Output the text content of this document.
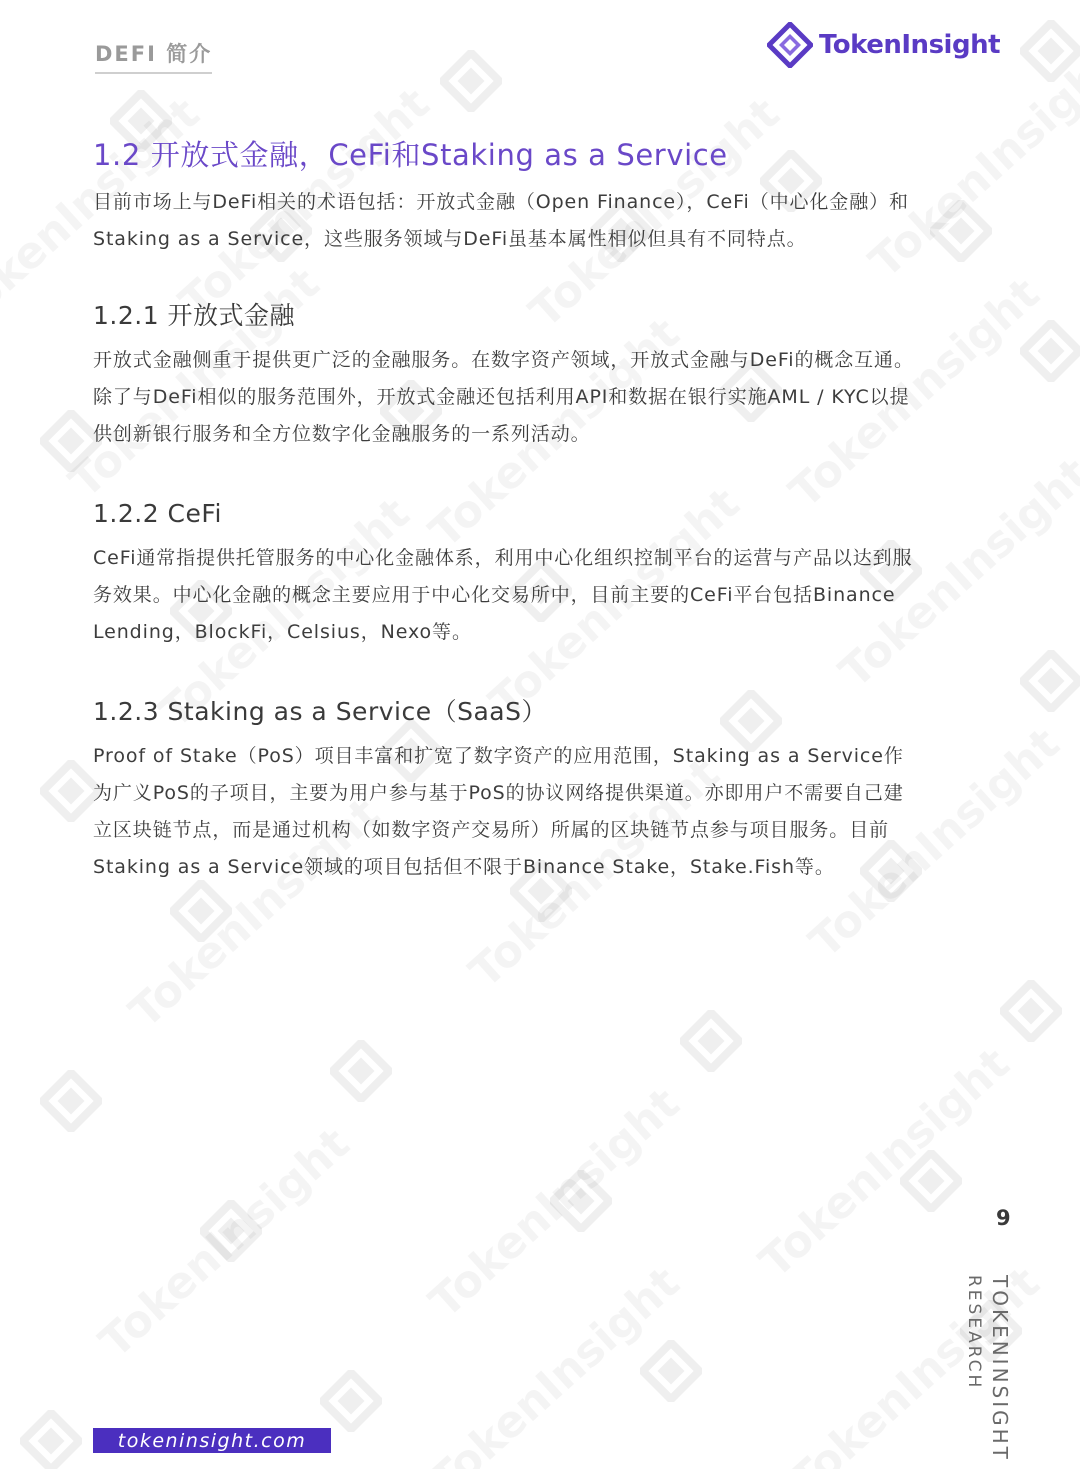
DEFI 简介	TokenInsight
1.2 开放式金融，CeFi和Staking as a Service

目前市场上与DeFi相关的术语包括：开放式金融（Open Finance），CeFi（中心化金融）和Staking as a Service，这些服务领域与DeFi虽基本属性相似但具有不同特点。

1.2.1 开放式金融

开放式金融侧重于提供更广泛的金融服务。在数字资产领域，开放式金融与DeFi的概念互通。除了与DeFi相似的服务范围外，开放式金融还包括利用API和数据在银行实施AML / KYC以提供创新银行服务和全方位数字化金融服务的一系列活动。

1.2.2 CeFi

CeFi通常指提供托管服务的中心化金融体系，利用中心化组织控制平台的运营与产品以达到服务效果。中心化金融的概念主要应用于中心化交易所中，目前主要的CeFi平台包括Binance Lending，BlockFi，Celsius，Nexo等。

1.2.3 Staking as a Service（SaaS）

Proof of Stake（PoS）项目丰富和扩宽了数字资产的应用范围，Staking as a Service作为广义PoS的子项目，主要为用户参与基于PoS的协议网络提供渠道。亦即用户不需要自己建立区块链节点，而是通过机构（如数字资产交易所）所属的区块链节点参与项目服务。目前Staking as a Service领域的项目包括但不限于Binance Stake，Stake.Fish等。

9
TOKENINSIGHT
RESEARCH
tokeninsight.com
